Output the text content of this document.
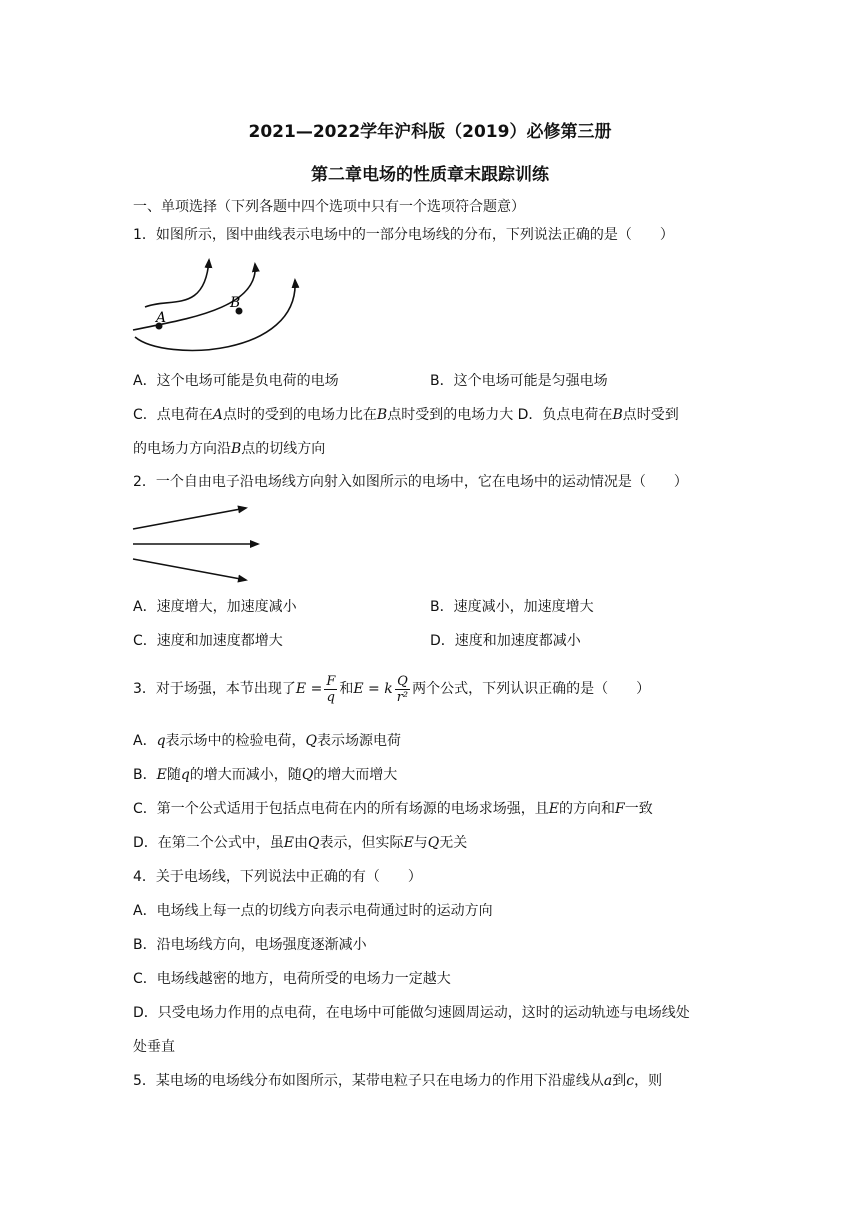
2021—2022学年沪科版（2019）必修第三册
第二章电场的性质章末跟踪训练
一、单项选择（下列各题中四个选项中只有一个选项符合题意）
1．如图所示，图中曲线表示电场中的一部分电场线的分布，下列说法正确的是（　　）
A
B
A．这个电场可能是负电荷的电场	B．这个电场可能是匀强电场
C．点电荷在A点时的受到的电场力比在B点时受到的电场力大 D．负点电荷在B点时受到
的电场力方向沿B点的切线方向
2．一个自由电子沿电场线方向射入如图所示的电场中，它在电场中的运动情况是（　　）
A．速度增大，加速度减小	B．速度减小，加速度增大
C．速度和加速度都增大	D．速度和加速度都减小
3．对于场强，本节出现了$E = \frac{F}{q}$ 和E = k $\frac{Q}{\text{r²}}$ 两个公式，下列认识正确的是（　　）
A．q表示场中的检验电荷，Q表示场源电荷
B．E随q的增大而减小，随Q的增大而增大
C．第一个公式适用于包括点电荷在内的所有场源的电场求场强，且E的方向和F一致
D．在第二个公式中，虽E由Q表示，但实际E与Q无关
4．关于电场线，下列说法中正确的有（　　）
A．电场线上每一点的切线方向表示电荷通过时的运动方向
B．沿电场线方向，电场强度逐渐减小
C．电场线越密的地方，电荷所受的电场力一定越大
D．只受电场力作用的点电荷，在电场中可能做匀速圆周运动，这时的运动轨迹与电场线处
处垂直
5．某电场的电场线分布如图所示，某带电粒子只在电场力的作用下沿虚线从a到c，则
